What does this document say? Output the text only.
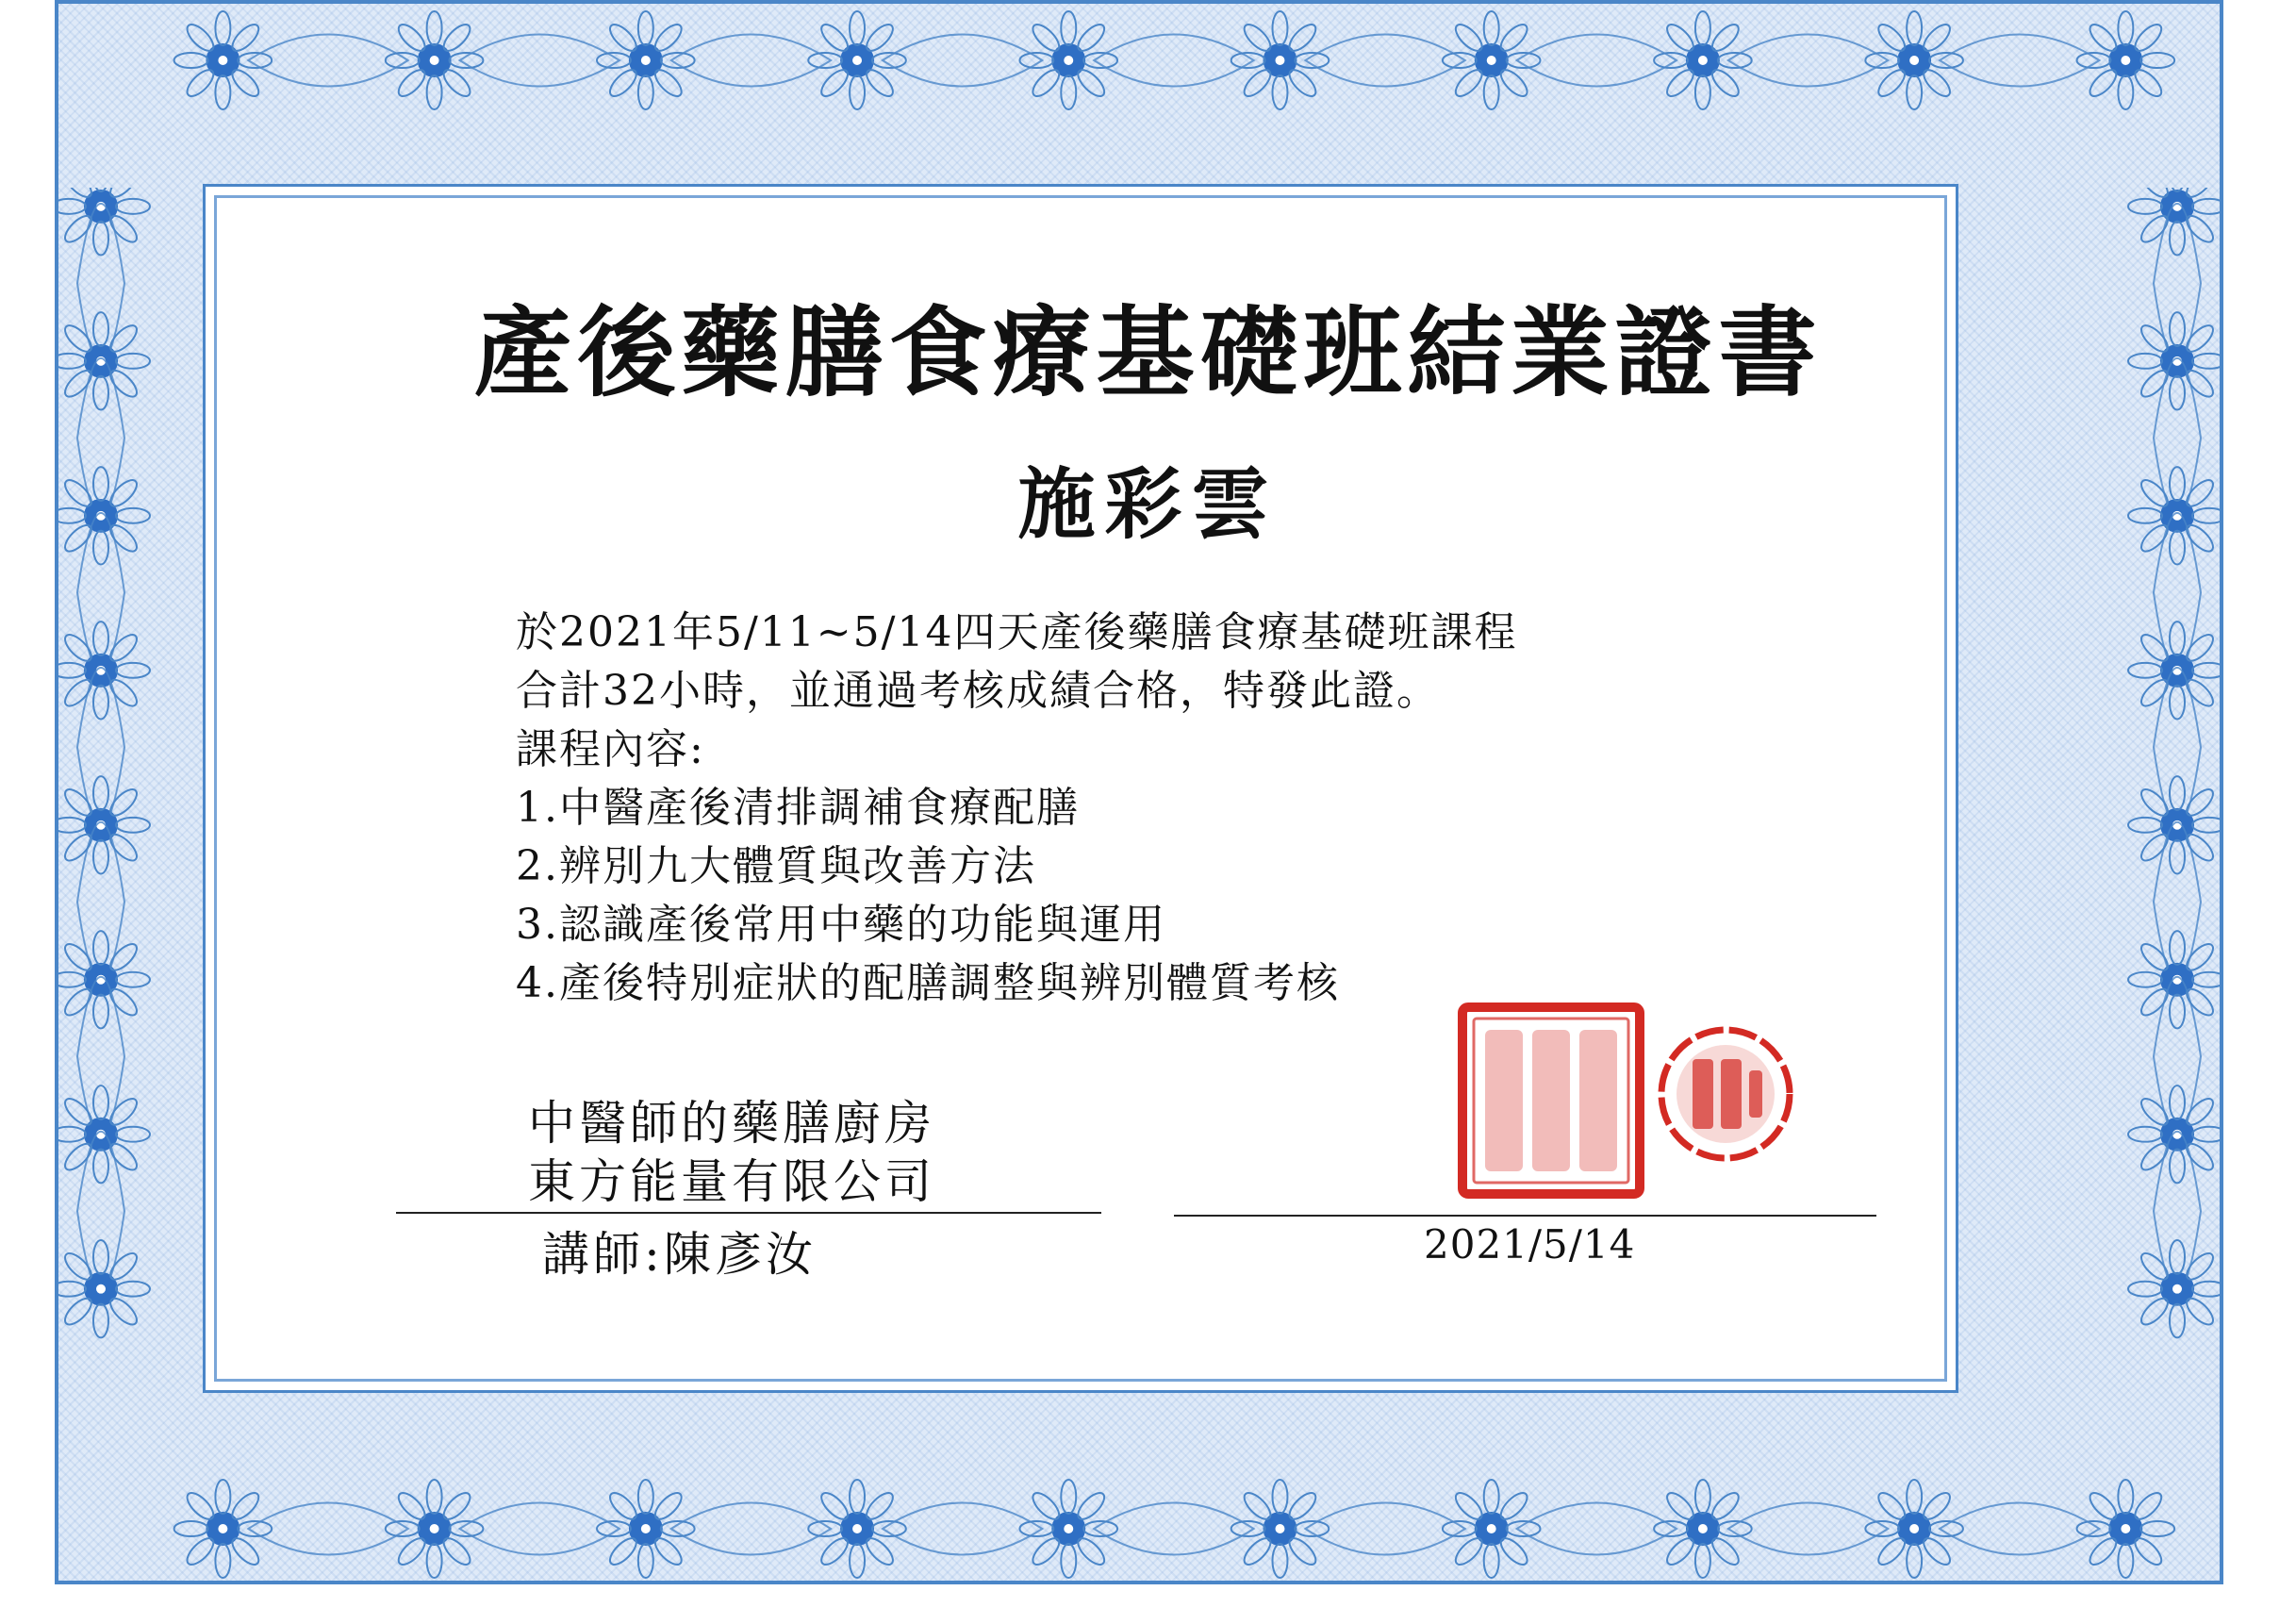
產後藥膳食療基礎班結業證書
施彩雲
於2021年5/11~5/14四天產後藥膳食療基礎班課程
合計32小時，並通過考核成績合格，特發此證。
課程內容:
1.中醫產後清排調補食療配膳
2.辨別九大體質與改善方法
3.認識產後常用中藥的功能與運用
4.產後特別症狀的配膳調整與辨別體質考核
中醫師的藥膳廚房
東方能量有限公司
講師:陳彥汝	2021/5/14
